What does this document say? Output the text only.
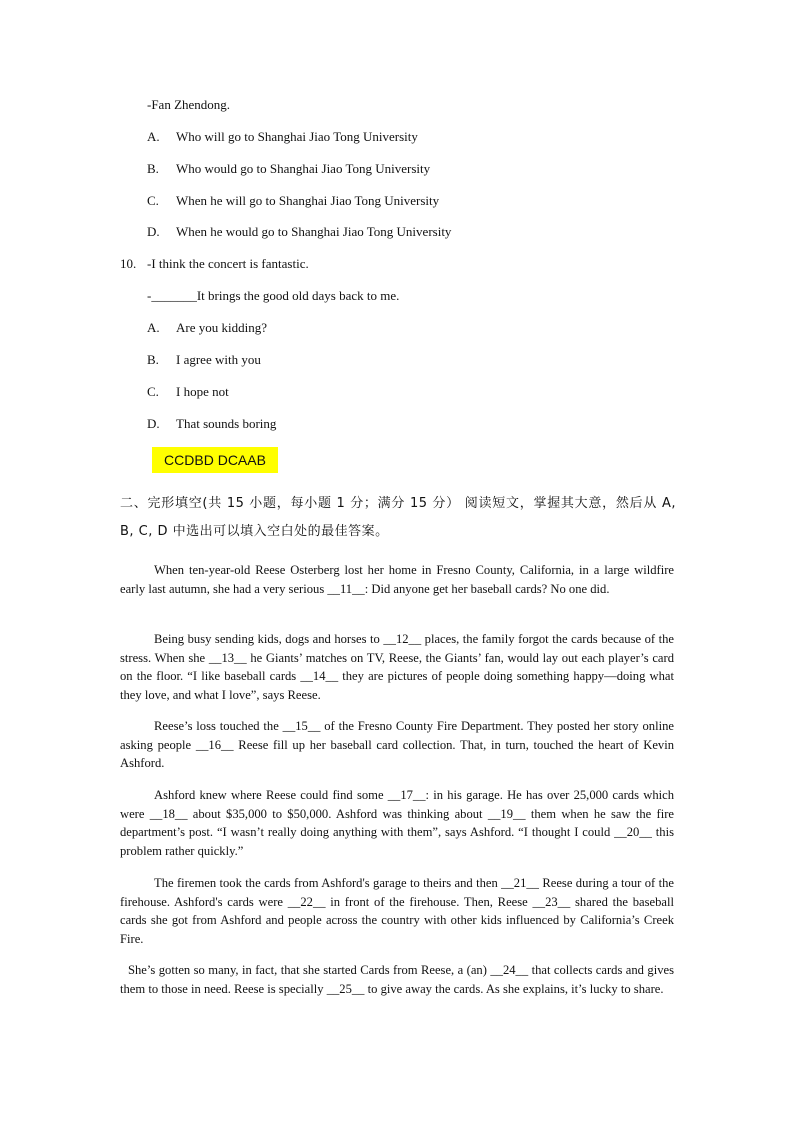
-Fan Zhendong.
A. Who will go to Shanghai Jiao Tong University
B. Who would go to Shanghai Jiao Tong University
C. When he will go to Shanghai Jiao Tong University
D. When he would go to Shanghai Jiao Tong University
10. -I think the concert is fantastic.
-_______It brings the good old days back to me.
A. Are you kidding?
B. I agree with you
C. I hope not
D. That sounds boring
CCDBD DCAAB
二、完形填空(共 15 小题，每小题 1 分；满分 15 分） 阅读短文，掌握其大意，然后从 A, B, C, D 中选出可以填入空白处的最佳答案。
When ten-year-old Reese Osterberg lost her home in Fresno County, California, in a large wildfire early last autumn, she had a very serious __11__: Did anyone get her baseball cards? No one did.
Being busy sending kids, dogs and horses to __12__ places, the family forgot the cards because of the stress. When she __13__ he Giants’ matches on TV, Reese, the Giants’ fan, would lay out each player’s card on the floor. “I like baseball cards __14__ they are pictures of people doing something happy—doing what they love, and what I love”, says Reese.
Reese’s loss touched the __15__ of the Fresno County Fire Department. They posted her story online asking people __16__ Reese fill up her baseball card collection. That, in turn, touched the heart of Kevin Ashford.
Ashford knew where Reese could find some __17__: in his garage. He has over 25,000 cards which were __18__ about $35,000 to $50,000. Ashford was thinking about __19__ them when he saw the fire department’s post. “I wasn’t really doing anything with them”, says Ashford. “I thought I could __20__ this problem rather quickly.”
The firemen took the cards from Ashford's garage to theirs and then __21__ Reese during a tour of the firehouse. Ashford's cards were __22__ in front of the firehouse. Then, Reese __23__ shared the baseball cards she got from Ashford and people across the country with other kids influenced by California’s Creek Fire.
She’s gotten so many, in fact, that she started Cards from Reese, a (an) __24__ that collects cards and gives them to those in need. Reese is specially __25__ to give away the cards. As she explains, it’s lucky to share.
